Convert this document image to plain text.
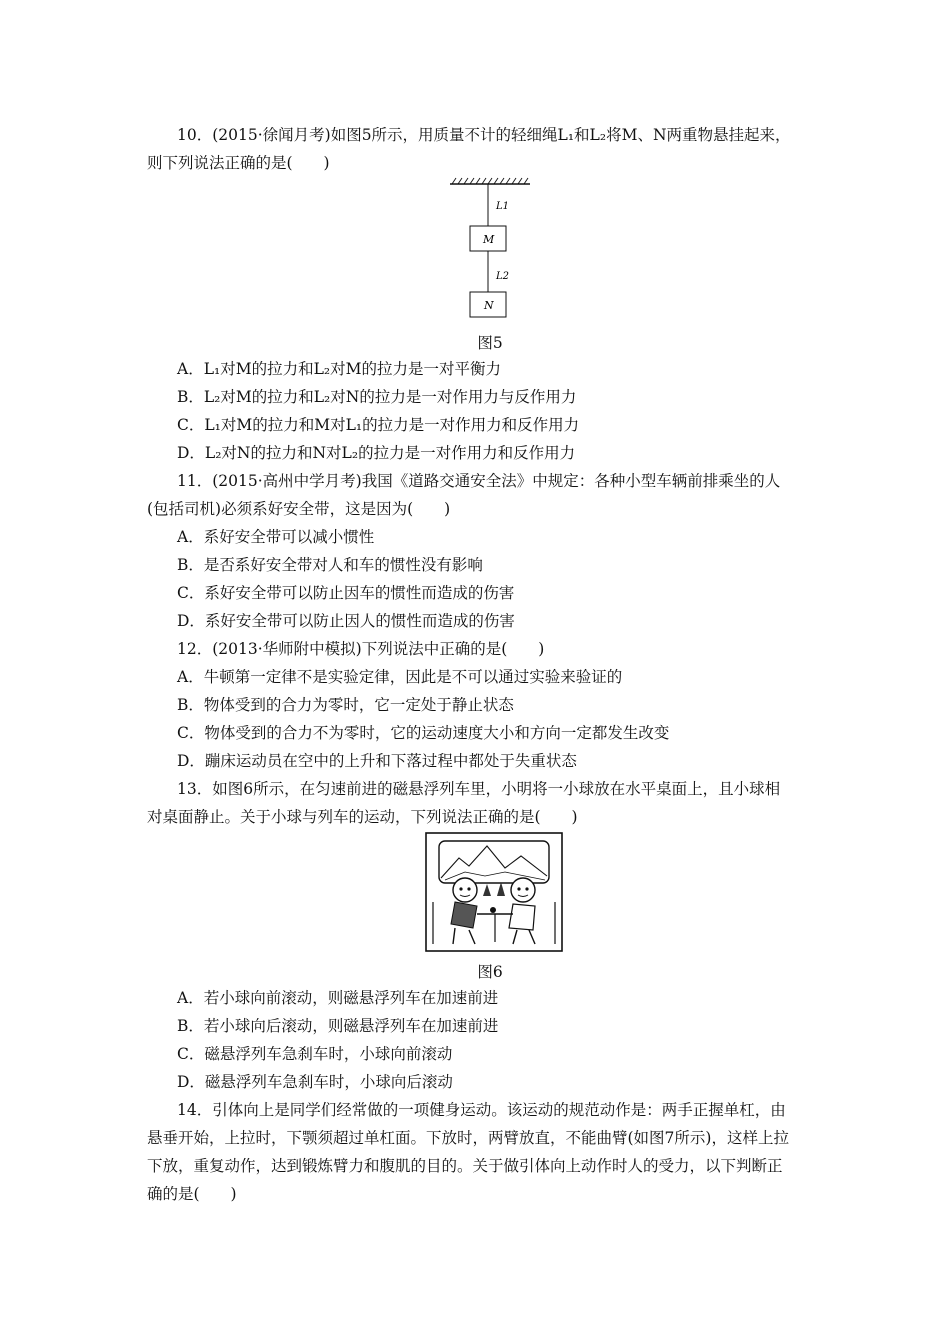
10．(2015·徐闻月考)如图5所示，用质量不计的轻细绳L₁和L₂将M、N两重物悬挂起来，
则下列说法正确的是(　　)
L1
M
L2
N
图5
A．L₁对M的拉力和L₂对M的拉力是一对平衡力
B．L₂对M的拉力和L₂对N的拉力是一对作用力与反作用力
C．L₁对M的拉力和M对L₁的拉力是一对作用力和反作用力
D．L₂对N的拉力和N对L₂的拉力是一对作用力和反作用力
11．(2015·高州中学月考)我国《道路交通安全法》中规定：各种小型车辆前排乘坐的人
(包括司机)必须系好安全带，这是因为(　　)
A．系好安全带可以减小惯性
B．是否系好安全带对人和车的惯性没有影响
C．系好安全带可以防止因车的惯性而造成的伤害
D．系好安全带可以防止因人的惯性而造成的伤害
12．(2013·华师附中模拟)下列说法中正确的是(　　)
A．牛顿第一定律不是实验定律，因此是不可以通过实验来验证的
B．物体受到的合力为零时，它一定处于静止状态
C．物体受到的合力不为零时，它的运动速度大小和方向一定都发生改变
D．蹦床运动员在空中的上升和下落过程中都处于失重状态
13．如图6所示，在匀速前进的磁悬浮列车里，小明将一小球放在水平桌面上，且小球相
对桌面静止。关于小球与列车的运动，下列说法正确的是(　　)
图6
A．若小球向前滚动，则磁悬浮列车在加速前进
B．若小球向后滚动，则磁悬浮列车在加速前进
C．磁悬浮列车急刹车时，小球向前滚动
D．磁悬浮列车急刹车时，小球向后滚动
14．引体向上是同学们经常做的一项健身运动。该运动的规范动作是：两手正握单杠，由
悬垂开始，上拉时，下颚须超过单杠面。下放时，两臂放直，不能曲臂(如图7所示)，这样上拉
下放，重复动作，达到锻炼臂力和腹肌的目的。关于做引体向上动作时人的受力，以下判断正
确的是(　　)
